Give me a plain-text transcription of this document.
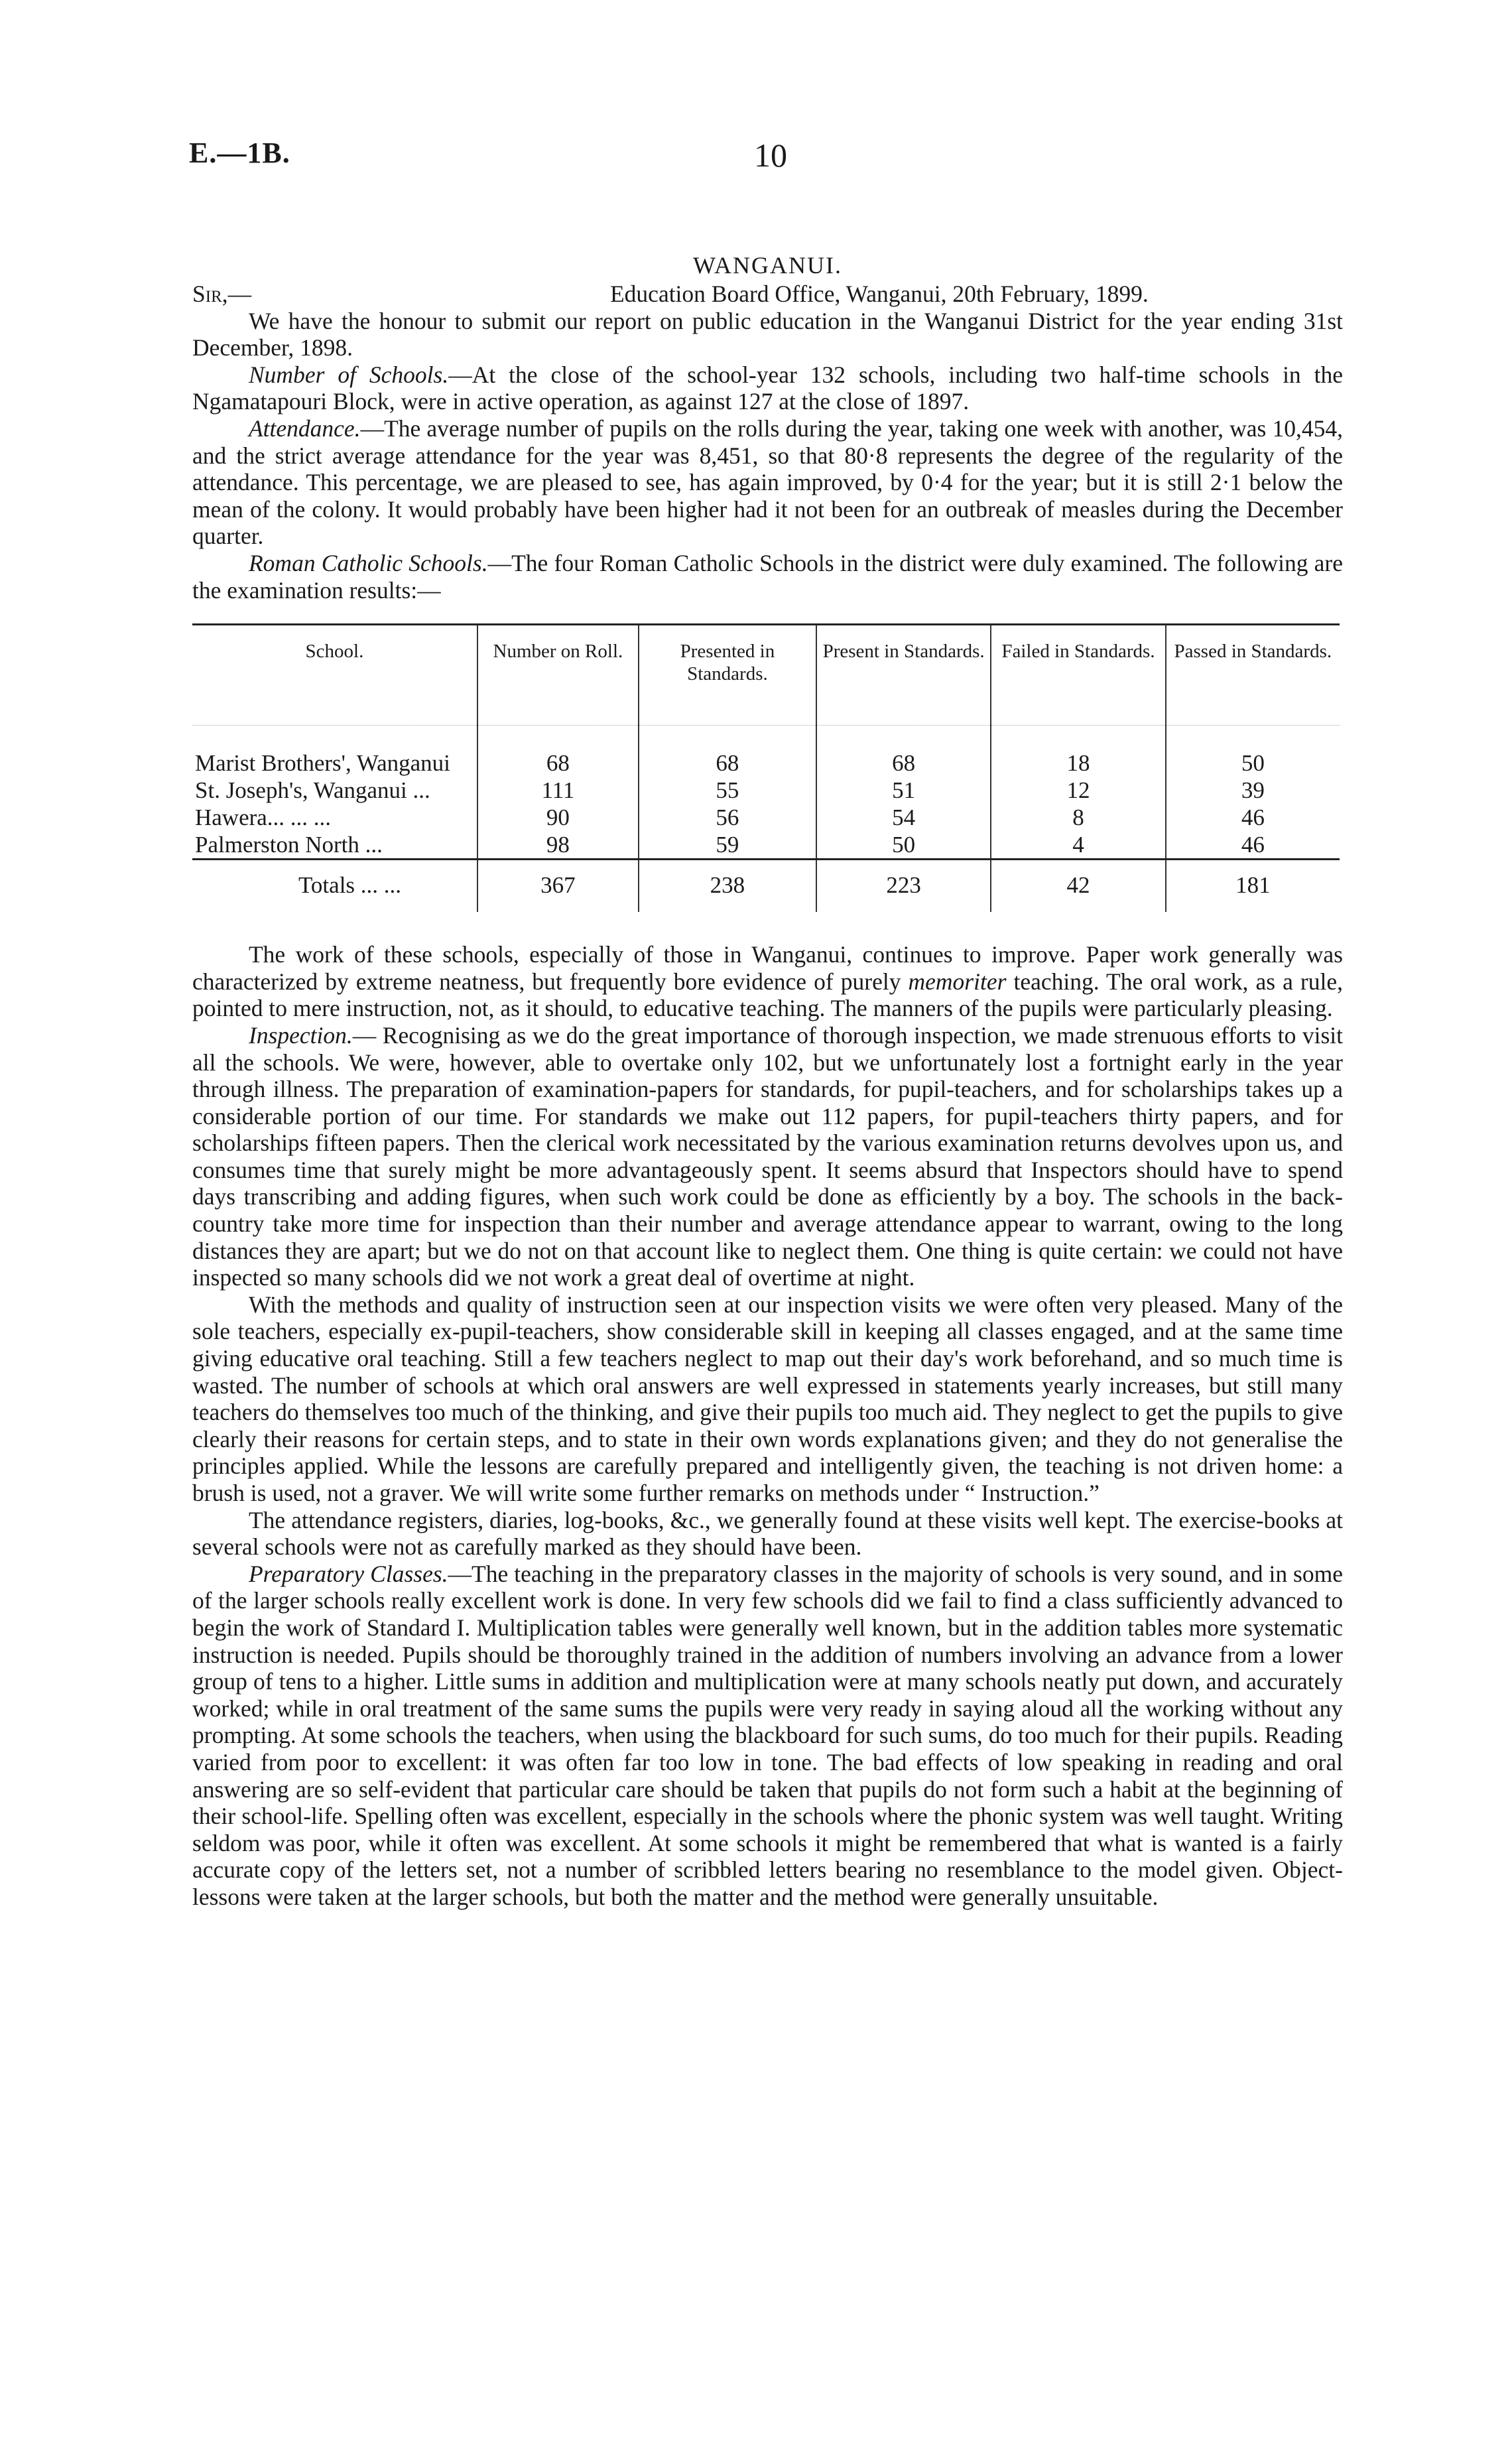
E.—1B.	10
WANGANUI.
Sir,—	Education Board Office, Wanganui, 20th February, 1899.

We have the honour to submit our report on public education in the Wanganui District for the year ending 31st December, 1898.

Number of Schools.—At the close of the school-year 132 schools, including two half-time schools in the Ngamatapouri Block, were in active operation, as against 127 at the close of 1897.

Attendance.—The average number of pupils on the rolls during the year, taking one week with another, was 10,454, and the strict average attendance for the year was 8,451, so that 80·8 represents the degree of the regularity of the attendance. This percentage, we are pleased to see, has again improved, by 0·4 for the year; but it is still 2·1 below the mean of the colony. It would probably have been higher had it not been for an outbreak of measles during the December quarter.

Roman Catholic Schools.—The four Roman Catholic Schools in the district were duly examined. The following are the examination results:—

School.	Number on Roll.	Presented in Standards.	Present in Standards.	Failed in Standards.	Passed in Standards.
Marist Brothers', Wanganui	68	68	68	18	50
St. Joseph's, Wanganui ...	111	55	51	12	39
Hawera... ... ...	90	56	54	8	46
Palmerston North ...	98	59	50	4	46
Totals ... ...	367	238	223	42	181

The work of these schools, especially of those in Wanganui, continues to improve. Paper work generally was characterized by extreme neatness, but frequently bore evidence of purely memoriter teaching. The oral work, as a rule, pointed to mere instruction, not, as it should, to educative teaching. The manners of the pupils were particularly pleasing.

Inspection.— Recognising as we do the great importance of thorough inspection, we made strenuous efforts to visit all the schools. We were, however, able to overtake only 102, but we unfortunately lost a fortnight early in the year through illness. The preparation of examination-papers for standards, for pupil-teachers, and for scholarships takes up a considerable portion of our time. For standards we make out 112 papers, for pupil-teachers thirty papers, and for scholarships fifteen papers. Then the clerical work necessitated by the various examination returns devolves upon us, and consumes time that surely might be more advantageously spent. It seems absurd that Inspectors should have to spend days transcribing and adding figures, when such work could be done as efficiently by a boy. The schools in the back-country take more time for inspection than their number and average attendance appear to warrant, owing to the long distances they are apart; but we do not on that account like to neglect them. One thing is quite certain: we could not have inspected so many schools did we not work a great deal of overtime at night.

With the methods and quality of instruction seen at our inspection visits we were often very pleased. Many of the sole teachers, especially ex-pupil-teachers, show considerable skill in keeping all classes engaged, and at the same time giving educative oral teaching. Still a few teachers neglect to map out their day's work beforehand, and so much time is wasted. The number of schools at which oral answers are well expressed in statements yearly increases, but still many teachers do themselves too much of the thinking, and give their pupils too much aid. They neglect to get the pupils to give clearly their reasons for certain steps, and to state in their own words explanations given; and they do not generalise the principles applied. While the lessons are carefully prepared and intelligently given, the teaching is not driven home: a brush is used, not a graver. We will write some further remarks on methods under “ Instruction.”

The attendance registers, diaries, log-books, &c., we generally found at these visits well kept. The exercise-books at several schools were not as carefully marked as they should have been.

Preparatory Classes.—The teaching in the preparatory classes in the majority of schools is very sound, and in some of the larger schools really excellent work is done. In very few schools did we fail to find a class sufficiently advanced to begin the work of Standard I. Multiplication tables were generally well known, but in the addition tables more systematic instruction is needed. Pupils should be thoroughly trained in the addition of numbers involving an advance from a lower group of tens to a higher. Little sums in addition and multiplication were at many schools neatly put down, and accurately worked; while in oral treatment of the same sums the pupils were very ready in saying aloud all the working without any prompting. At some schools the teachers, when using the blackboard for such sums, do too much for their pupils. Reading varied from poor to excellent: it was often far too low in tone. The bad effects of low speaking in reading and oral answering are so self-evident that particular care should be taken that pupils do not form such a habit at the beginning of their school-life. Spelling often was excellent, especially in the schools where the phonic system was well taught. Writing seldom was poor, while it often was excellent. At some schools it might be remembered that what is wanted is a fairly accurate copy of the letters set, not a number of scribbled letters bearing no resemblance to the model given. Object-lessons were taken at the larger schools, but both the matter and the method were generally unsuitable.
